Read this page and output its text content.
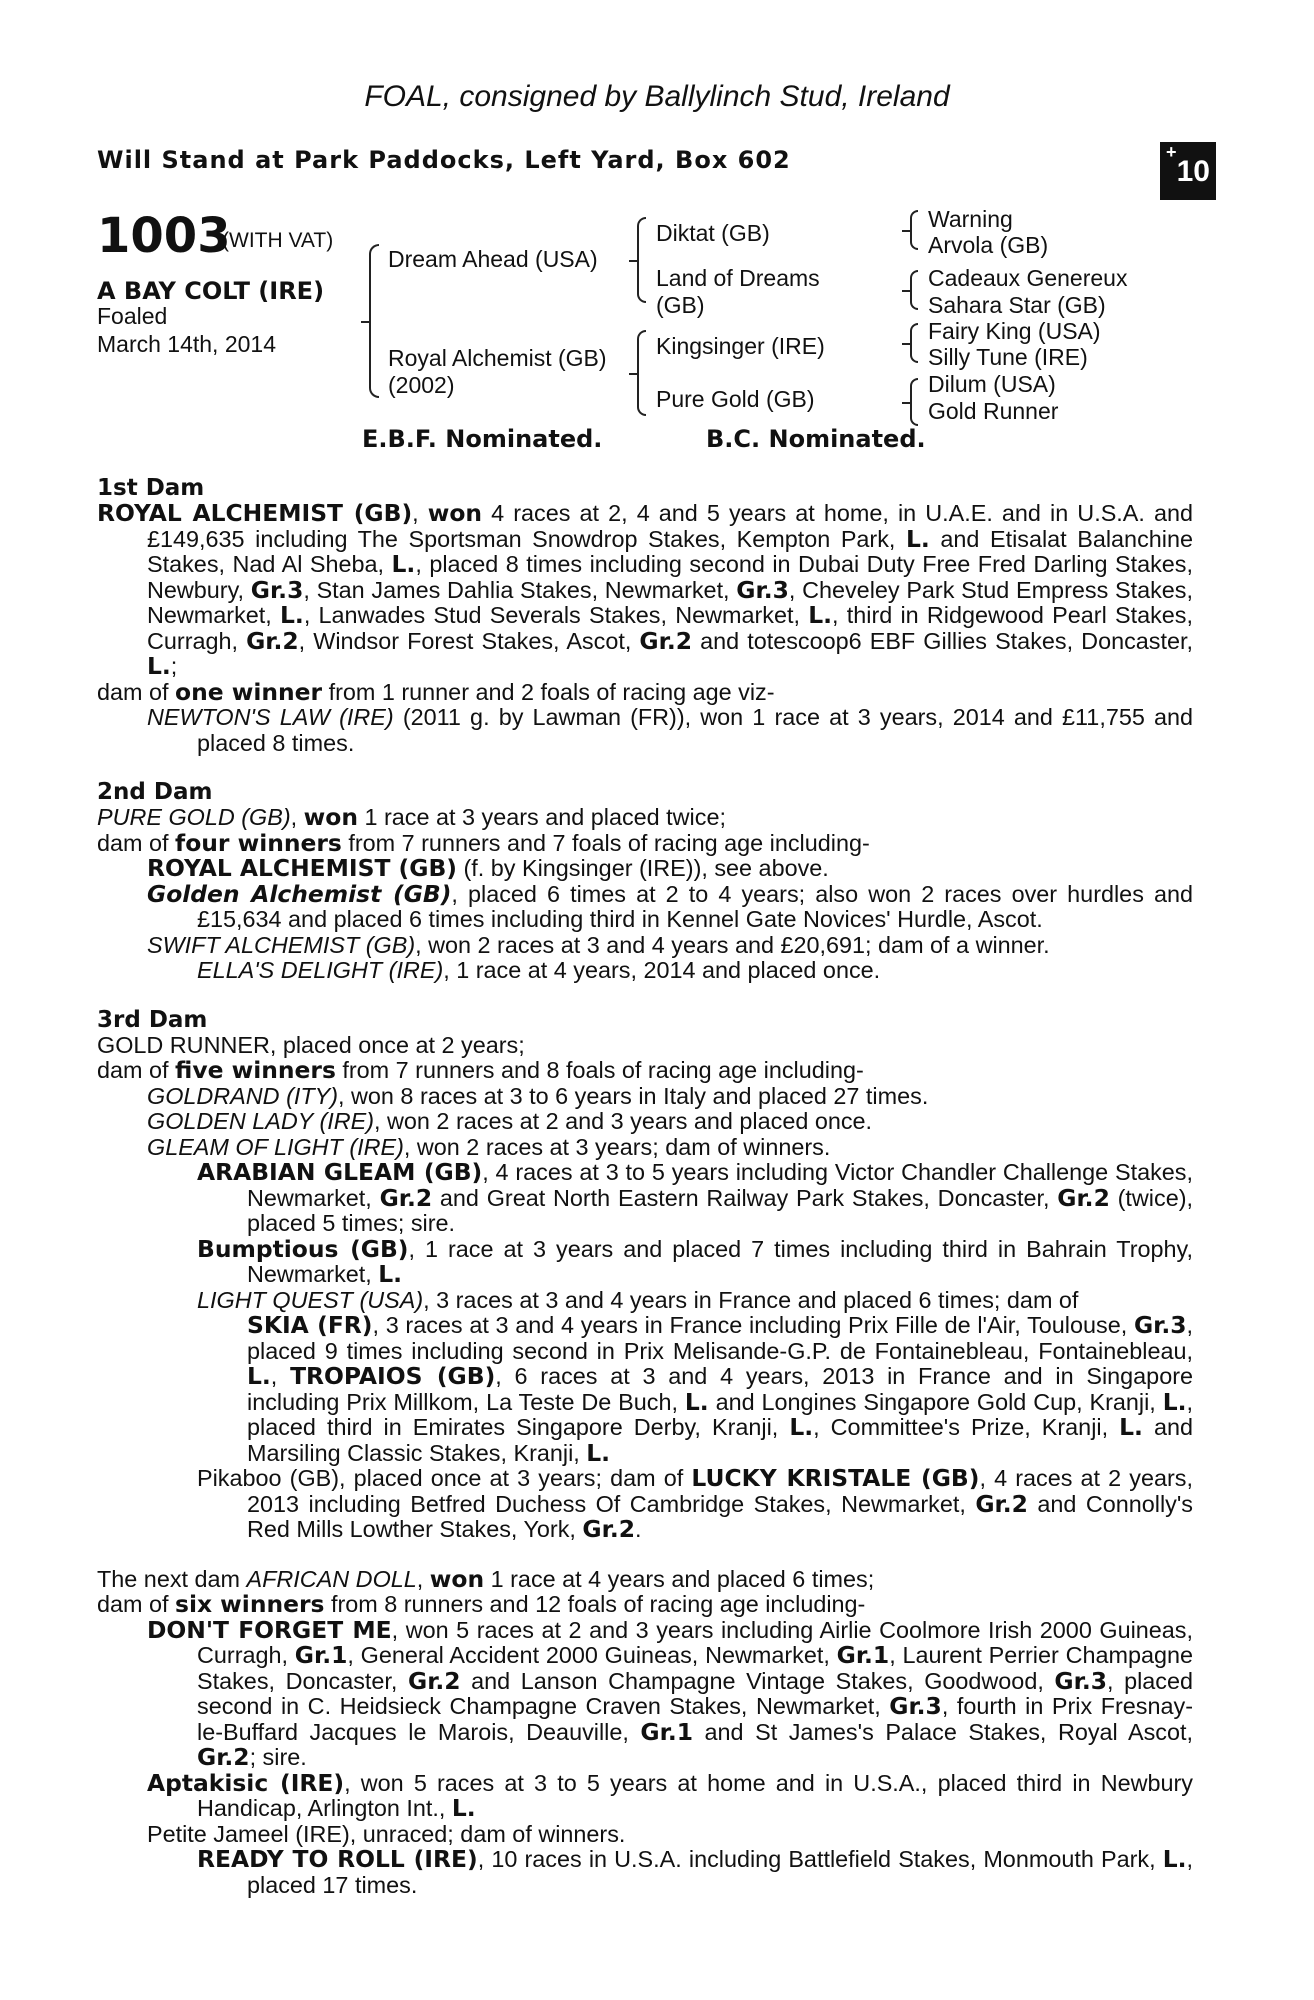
FOAL, consigned by Ballylinch Stud, Ireland
Will Stand at Park Paddocks, Left Yard, Box 602	+10
1003
(WITH VAT)
A BAY COLT (IRE)
Foaled
March 14th, 2014
Dream Ahead (USA)
Royal Alchemist (GB)
(2002)
Diktat (GB)
Land of Dreams
(GB)
Kingsinger (IRE)
Pure Gold (GB)
Warning
Arvola (GB)
Cadeaux Genereux
Sahara Star (GB)
Fairy King (USA)
Silly Tune (IRE)
Dilum (USA)
Gold Runner
E.B.F. Nominated.	B.C. Nominated.
1st Dam
ROYAL ALCHEMIST (GB), won 4 races at 2, 4 and 5 years at home, in U.A.E. and in U.S.A. and £149,635 including The Sportsman Snowdrop Stakes, Kempton Park, L. and Etisalat Balanchine Stakes, Nad Al Sheba, L., placed 8 times including second in Dubai Duty Free Fred Darling Stakes, Newbury, Gr.3, Stan James Dahlia Stakes, Newmarket, Gr.3, Cheveley Park Stud Empress Stakes, Newmarket, L., Lanwades Stud Severals Stakes, Newmarket, L., third in Ridgewood Pearl Stakes, Curragh, Gr.2, Windsor Forest Stakes, Ascot, Gr.2 and totescoop6 EBF Gillies Stakes, Doncaster, L.;
dam of one winner from 1 runner and 2 foals of racing age viz-
NEWTON'S LAW (IRE) (2011 g. by Lawman (FR)), won 1 race at 3 years, 2014 and £11,755 and placed 8 times.
2nd Dam
PURE GOLD (GB), won 1 race at 3 years and placed twice;
dam of four winners from 7 runners and 7 foals of racing age including-
ROYAL ALCHEMIST (GB) (f. by Kingsinger (IRE)), see above.
Golden Alchemist (GB), placed 6 times at 2 to 4 years; also won 2 races over hurdles and £15,634 and placed 6 times including third in Kennel Gate Novices' Hurdle, Ascot.
SWIFT ALCHEMIST (GB), won 2 races at 3 and 4 years and £20,691; dam of a winner.
ELLA'S DELIGHT (IRE), 1 race at 4 years, 2014 and placed once.
3rd Dam
GOLD RUNNER, placed once at 2 years;
dam of five winners from 7 runners and 8 foals of racing age including-
GOLDRAND (ITY), won 8 races at 3 to 6 years in Italy and placed 27 times.
GOLDEN LADY (IRE), won 2 races at 2 and 3 years and placed once.
GLEAM OF LIGHT (IRE), won 2 races at 3 years; dam of winners.
ARABIAN GLEAM (GB), 4 races at 3 to 5 years including Victor Chandler Challenge Stakes, Newmarket, Gr.2 and Great North Eastern Railway Park Stakes, Doncaster, Gr.2 (twice), placed 5 times; sire.
Bumptious (GB), 1 race at 3 years and placed 7 times including third in Bahrain Trophy, Newmarket, L.
LIGHT QUEST (USA), 3 races at 3 and 4 years in France and placed 6 times; dam of
SKIA (FR), 3 races at 3 and 4 years in France including Prix Fille de l'Air, Toulouse, Gr.3, placed 9 times including second in Prix Melisande-G.P. de Fontainebleau, Fontainebleau, L., TROPAIOS (GB), 6 races at 3 and 4 years, 2013 in France and in Singapore including Prix Millkom, La Teste De Buch, L. and Longines Singapore Gold Cup, Kranji, L., placed third in Emirates Singapore Derby, Kranji, L., Committee's Prize, Kranji, L. and Marsiling Classic Stakes, Kranji, L.
Pikaboo (GB), placed once at 3 years; dam of LUCKY KRISTALE (GB), 4 races at 2 years, 2013 including Betfred Duchess Of Cambridge Stakes, Newmarket, Gr.2 and Connolly's Red Mills Lowther Stakes, York, Gr.2.
The next dam AFRICAN DOLL, won 1 race at 4 years and placed 6 times;
dam of six winners from 8 runners and 12 foals of racing age including-
DON'T FORGET ME, won 5 races at 2 and 3 years including Airlie Coolmore Irish 2000 Guineas, Curragh, Gr.1, General Accident 2000 Guineas, Newmarket, Gr.1, Laurent Perrier Champagne Stakes, Doncaster, Gr.2 and Lanson Champagne Vintage Stakes, Goodwood, Gr.3, placed second in C. Heidsieck Champagne Craven Stakes, Newmarket, Gr.3, fourth in Prix Fresnay-le-Buffard Jacques le Marois, Deauville, Gr.1 and St James's Palace Stakes, Royal Ascot, Gr.2; sire.
Aptakisic (IRE), won 5 races at 3 to 5 years at home and in U.S.A., placed third in Newbury Handicap, Arlington Int., L.
Petite Jameel (IRE), unraced; dam of winners.
READY TO ROLL (IRE), 10 races in U.S.A. including Battlefield Stakes, Monmouth Park, L., placed 17 times.
